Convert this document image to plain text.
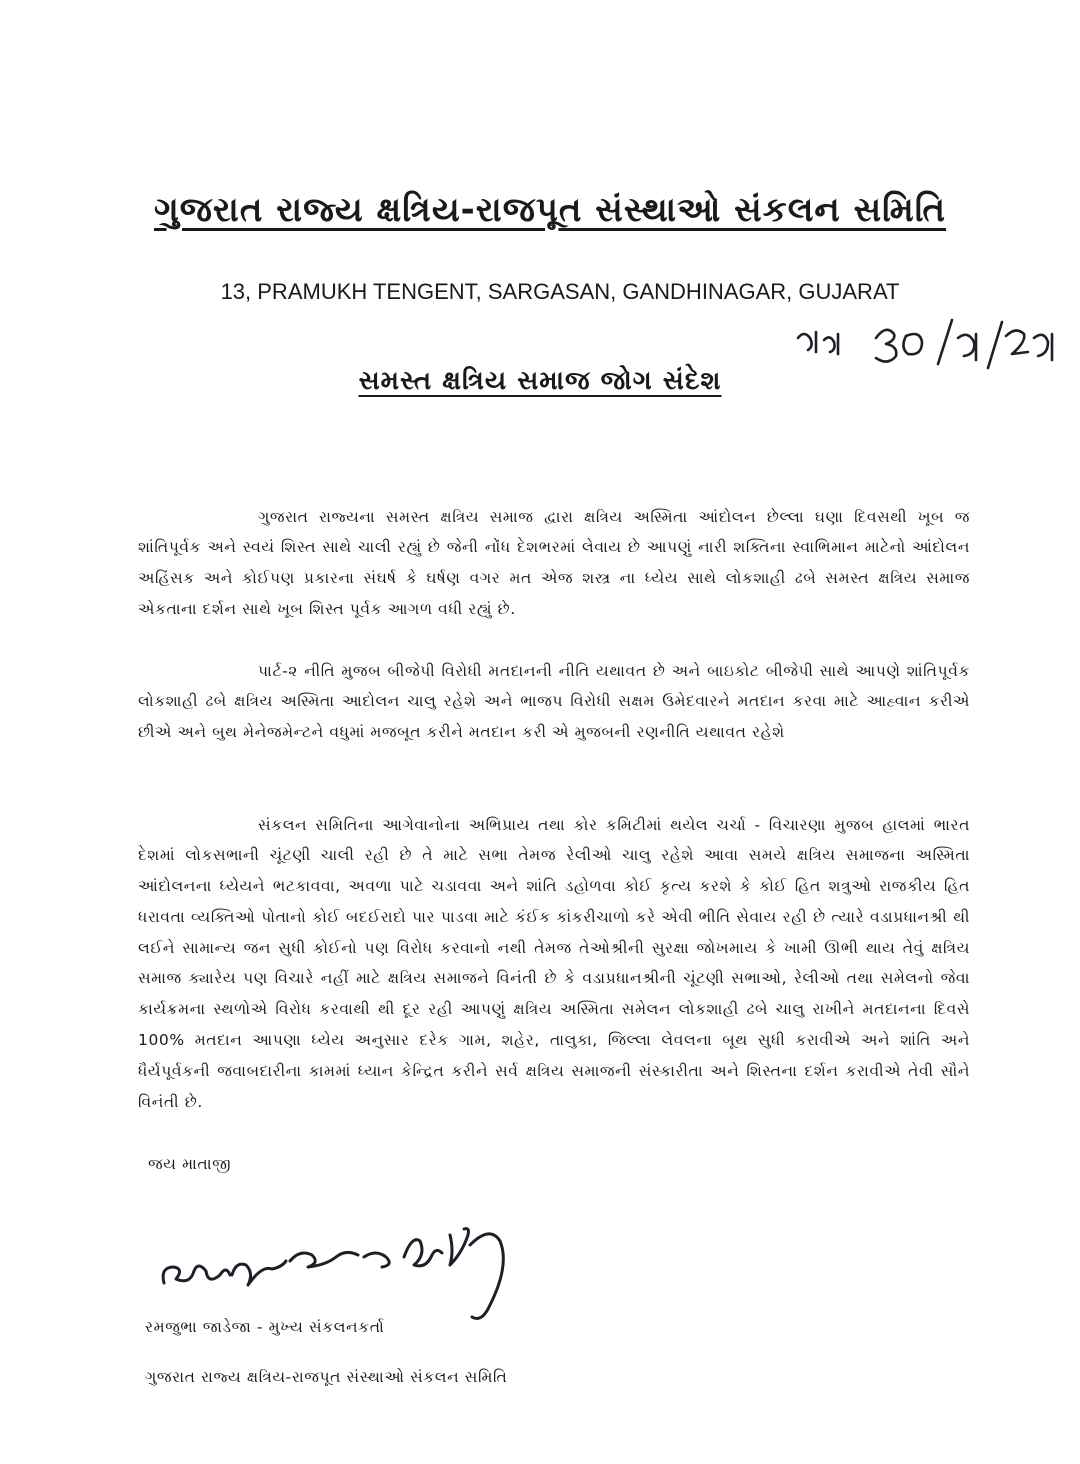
ગુજરાત રાજ્ય ક્ષત્રિય-રાજપૂત સંસ્થાઓ સંકલન સમિતિ
13, PRAMUKH TENGENT, SARGASAN, GANDHINAGAR, GUJARAT
સમસ્ત ક્ષત્રિય સમાજ જોગ સંદેશ

ગુજરાત રાજ્યના સમસ્ત ક્ષત્રિય સમાજ દ્વારા ક્ષત્રિય અસ્મિતા આંદોલન છેલ્લા ઘણા દિવસથી ખૂબ જ શાંતિપૂર્વક અને સ્વયં શિસ્ત સાથે ચાલી રહ્યું છે જેની નોંધ દેશભરમાં લેવાય છે આપણું નારી શક્તિના સ્વાભિમાન માટેનો આંદોલન અહિંસક અને કોઈપણ પ્રકારના સંઘર્ષ કે ઘર્ષણ વગર મત એજ શસ્ત્ર ના ધ્યેય સાથે લોકશાહી ઢબે સમસ્ત ક્ષત્રિય સમાજ એકતાના દર્શન સાથે ખૂબ શિસ્ત પૂર્વક આગળ વધી રહ્યું છે.

પાર્ટ-૨ નીતિ મુજબ બીજેપી વિરોધી મતદાનની નીતિ યથાવત છે અને બાઇકોટ બીજેપી સાથે આપણે શાંતિપૂર્વક લોકશાહી ઢબે ક્ષત્રિય અસ્મિતા આદોલન ચાલુ રહેશે અને ભાજપ વિરોધી સક્ષમ ઉમેદવારને મતદાન કરવા માટે આહ્વાન કરીએ છીએ અને બુથ મેનેજમેન્ટને વધુમાં મજબૂત કરીને મતદાન કરી એ મુજબની રણનીતિ યથાવત રહેશે

સંકલન સમિતિના આગેવાનોના અભિપ્રાય તથા કોર કમિટીમાં થયેલ ચર્ચા - વિચારણા મુજબ હાલમાં ભારત દેશમાં લોકસભાની ચૂંટણી ચાલી રહી છે તે માટે સભા તેમજ રેલીઓ ચાલુ રહેશે આવા સમયે ક્ષત્રિય સમાજના અસ્મિતા આંદોલનના ધ્યેયને ભટકાવવા, અવળા પાટે ચડાવવા અને શાંતિ ડહોળવા કોઈ કૃત્ય કરશે કે કોઈ હિત શત્રુઓ રાજકીય હિત ધરાવતા વ્યક્તિઓ પોતાનો કોઈ બદઈરાદો પાર પાડવા માટે કંઈક કાંકરીચાળો કરે એવી ભીતિ સેવાય રહી છે ત્યારે વડાપ્રધાનશ્રી થી લઈને સામાન્ય જન સુધી કોઈનો પણ વિરોધ કરવાનો નથી તેમજ તેઓશ્રીની સુરક્ષા જોખમાય કે ખામી ઊભી થાય તેવું ક્ષત્રિય સમાજ ક્યારેય પણ વિચારે નહીં માટે ક્ષત્રિય સમાજને વિનંતી છે કે વડાપ્રધાનશ્રીની ચૂંટણી સભાઓ, રેલીઓ તથા સમેલનો જેવા કાર્યક્રમના સ્થળોએ વિરોધ કરવાથી થી દૂર રહી આપણું ક્ષત્રિય અસ્મિતા સમેલન લોકશાહી ઢબે ચાલુ રાખીને મતદાનના દિવસે 100% મતદાન આપણા ધ્યેય અનુસાર દરેક ગામ, શહેર, તાલુકા, જિલ્લા લેવલના બૂથ સુધી કરાવીએ અને શાંતિ અને ધૈર્યપૂર્વકની જવાબદારીના કામમાં ધ્યાન કેન્દ્રિત કરીને સર્વ ક્ષત્રિય સમાજની સંસ્કારીતા અને શિસ્તના દર્શન કરાવીએ તેવી સૌને વિનંતી છે.

જય માતાજી
રમજુભા જાડેજા - મુખ્ય સંકલનકર્તા
ગુજરાત રાજ્ય ક્ષત્રિય-રાજપૂત સંસ્થાઓ સંકલન સમિતિ
